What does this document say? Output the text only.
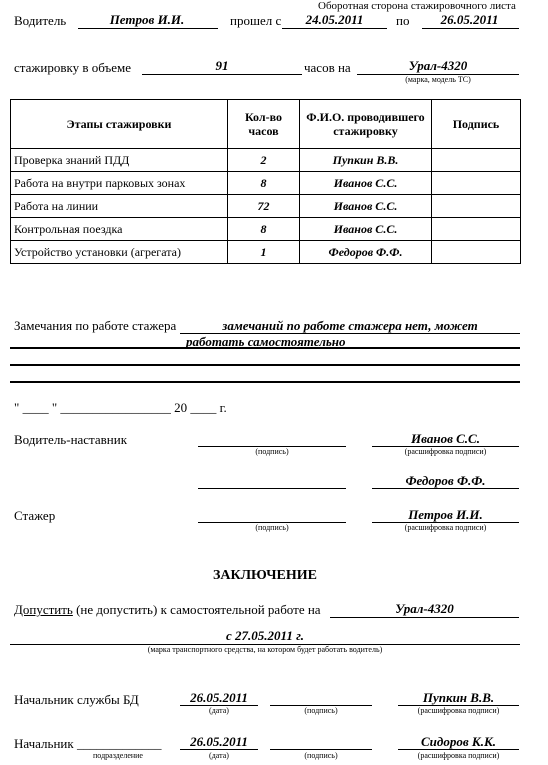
Оборотная сторона стажировочного листа
Водитель	Петров И.И.	прошел с	24.05.2011	по	26.05.2011
стажировку в объеме	91	часов на	Урал-4320
(марка, модель ТС)
Этапы стажировки	Кол-во часов	Ф.И.О. проводившего стажировку	Подпись
Проверка знаний ПДД	2	Пупкин В.В.	
Работа на внутри парковых зонах	8	Иванов С.С.	
Работа на линии	72	Иванов С.С.	
Контрольная поездка	8	Иванов С.С.	
Устройство установки (агрегата)	1	Федоров Ф.Ф.	
Замечания по работе стажера	замечаний по работе стажера нет, может
работать самостоятельно
" ____ " _________________ 20 ____ г.
Водитель-наставник
(подпись)
Иванов С.С.
(расшифровка подписи)
Федоров Ф.Ф.
Стажер
(подпись)
Петров И.И.
(расшифровка подписи)
ЗАКЛЮЧЕНИЕ
Допустить (не допустить) к самостоятельной работе на	Урал-4320
с 27.05.2011 г.
(марка транспортного средства, на котором будет работать водитель)
Начальник службы БД	26.05.2011
(дата)	(подпись)
Пупкин В.В.
(расшифровка подписи)
Начальник _____________
подразделение
26.05.2011
(дата)	(подпись)
Сидоров К.К.
(расшифровка подписи)
